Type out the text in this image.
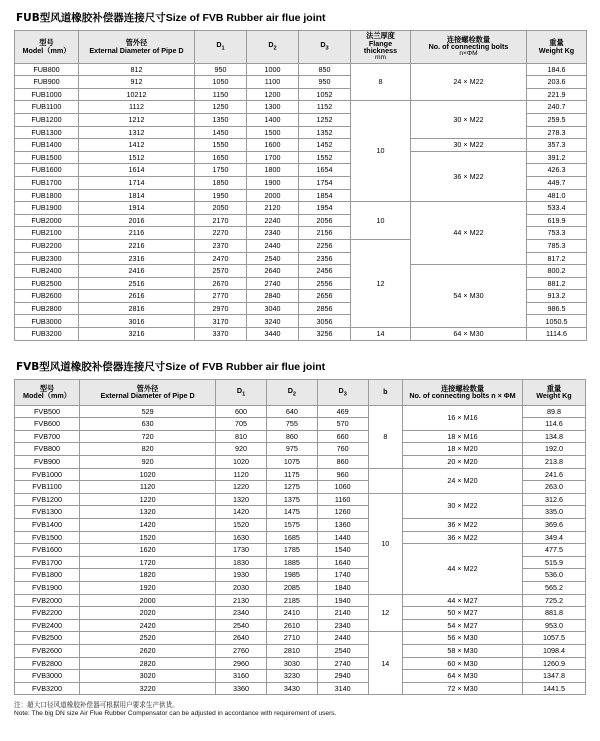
FUB型风道橡胶补偿器连接尺寸Size of FVB Rubber air flue joint
型号
Model（mm）	管外径
External Diameter of Pipe D	$D_1$	$D_2$	$D_3$	法兰厚度
Flange thickness
mm	连接螺栓数量
No. of connecting bolts
n×ΦM	重量
Weight Kg

FUB800	812	950	1000	850	8	24 × M22	184.6
FUB900	912	1050	1100	950			203.6
FUB1000	10212	1150	1200	1052			221.9
FUB1100	1112	1250	1300	1152	10	30 × M22	240.7
FUB1200	1212	1350	1400	1252			259.5
FUB1300	1312	1450	1500	1352			278.3
FUB1400	1412	1550	1600	1452		30 × M22	357.3
FUB1500	1512	1650	1700	1552		36 × M22	391.2
FUB1600	1614	1750	1800	1654			426.3
FUB1700	1714	1850	1900	1754			449.7
FUB1800	1814	1950	2000	1854			481.0
FUB1900	1914	2050	2120	1954	10	44 × M22	533.4
FUB2000	2016	2170	2240	2056			619.9
FUB2100	2116	2270	2340	2156			753.3
FUB2200	2216	2370	2440	2256	12		785.3
FUB2300	2316	2470	2540	2356			817.2
FUB2400	2416	2570	2640	2456		54 × M30	800.2
FUB2500	2516	2670	2740	2556			881.2
FUB2600	2616	2770	2840	2656			913.2
FUB2800	2816	2970	3040	2856			986.5
FUB3000	3016	3170	3240	3056			1050.5
FUB3200	3216	3370	3440	3256	14	64 × M30	1114.6
FVB型风道橡胶补偿器连接尺寸Size of FVB Rubber air flue joint
型号
Model（mm）	管外径
External Diameter of Pipe D	$D_1$	$D_2$	$D_3$	b	连接螺栓数量
No. of connecting bolts n × ΦM	重量
Weight Kg

FVB500	529	600	640	469	8	16 × M16	89.8
FVB600	630	705	755	570			114.6
FVB700	720	810	860	660		18 × M16	134.8
FVB800	820	920	975	760		18 × M20	192.0
FVB900	920	1020	1075	860		20 × M20	213.8
FVB1000	1020	1120	1175	960		24 × M20	241.6
FVB1100	1120	1220	1275	1060			263.0
FVB1200	1220	1320	1375	1160	10	30 × M22	312.6
FVB1300	1320	1420	1475	1260			335.0
FVB1400	1420	1520	1575	1360		36 × M22	369.6
FVB1500	1520	1630	1685	1440		36 × M22	349.4
FVB1600	1620	1730	1785	1540		44 × M22	477.5
FVB1700	1720	1830	1885	1640			515.9
FVB1800	1820	1930	1985	1740			536.0
FVB1900	1920	2030	2085	1840			565.2
FVB2000	2000	2130	2185	1940	12	44 × M27	725.2
FVB2200	2020	2340	2410	2140		50 × M27	881.8
FVB2400	2420	2540	2610	2340		54 × M27	953.0
FVB2500	2520	2640	2710	2440	14	56 × M30	1057.5
FVB2600	2620	2760	2810	2540		58 × M30	1098.4
FVB2800	2820	2960	3030	2740		60 × M30	1260.9
FVB3000	3020	3160	3230	2940		64 × M30	1347.8
FVB3200	3220	3360	3430	3140		72 × M30	1441.5
注：超大口径风道橡胶补偿器可根据用户要求生产供货。
Note: The big DN size Air Flue Rubber Compensator can be adjusted in accordance with requirement of users.
